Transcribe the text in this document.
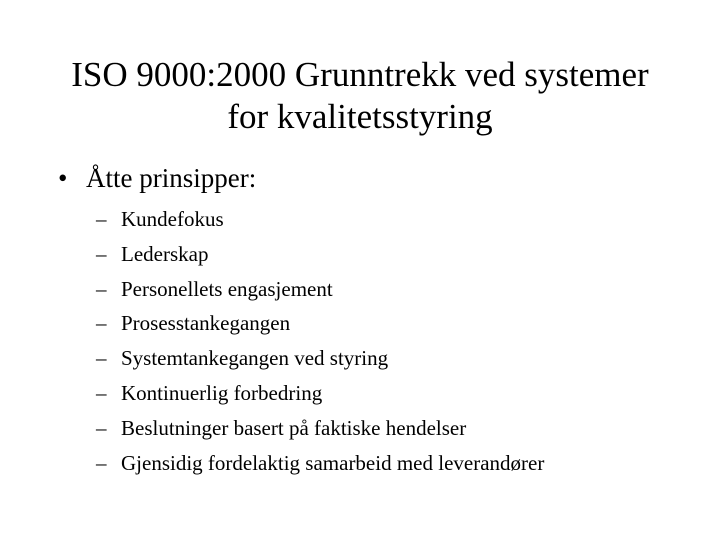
ISO 9000:2000 Grunntrekk ved systemer
for kvalitetsstyring
• Åtte prinsipper:
– Kundefokus
– Lederskap
– Personellets engasjement
– Prosesstankegangen
– Systemtankegangen ved styring
– Kontinuerlig forbedring
– Beslutninger basert på faktiske hendelser
– Gjensidig fordelaktig samarbeid med leverandører
